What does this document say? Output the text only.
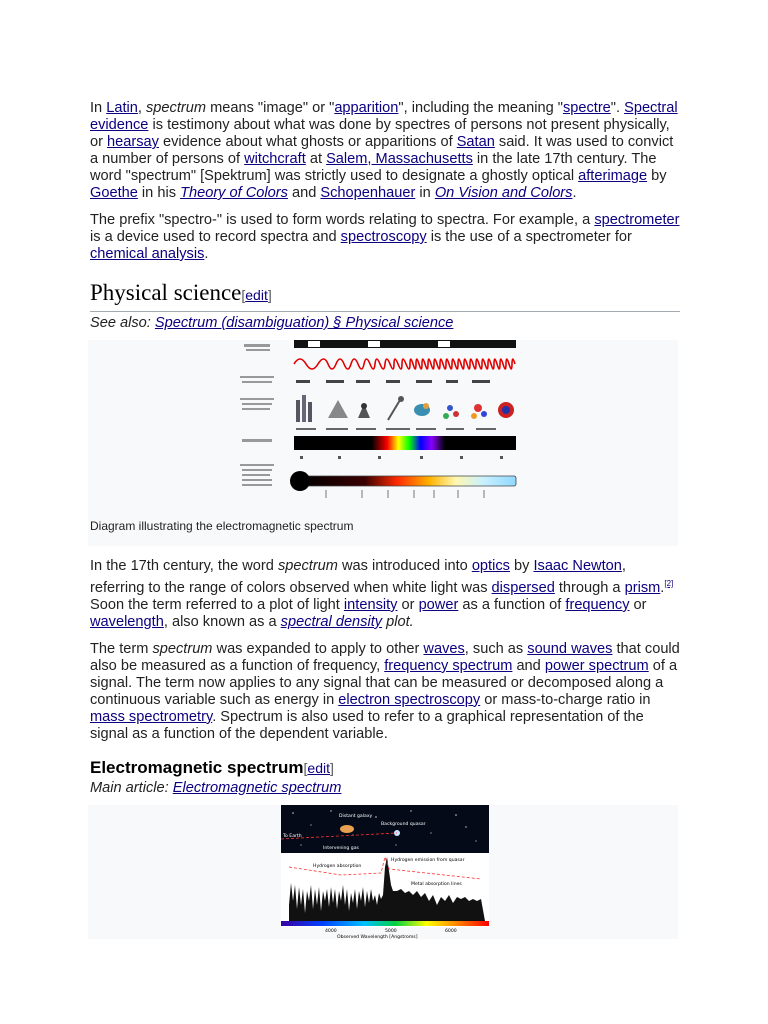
In Latin, spectrum means "image" or "apparition", including the meaning "spectre". Spectral evidence is testimony about what was done by spectres of persons not present physically, or hearsay evidence about what ghosts or apparitions of Satan said. It was used to convict a number of persons of witchcraft at Salem, Massachusetts in the late 17th century. The word "spectrum" [Spektrum] was strictly used to designate a ghostly optical afterimage by Goethe in his Theory of Colors and Schopenhauer in On Vision and Colors.

The prefix "spectro-" is used to form words relating to spectra. For example, a spectrometer is a device used to record spectra and spectroscopy is the use of a spectrometer for chemical analysis.

Physical science[edit]
See also: Spectrum (disambiguation) § Physical science
Diagram illustrating the electromagnetic spectrum

In the 17th century, the word spectrum was introduced into optics by Isaac Newton, referring to the range of colors observed when white light was dispersed through a prism.[2] Soon the term referred to a plot of light intensity or power as a function of frequency or wavelength, also known as a spectral density plot.

The term spectrum was expanded to apply to other waves, such as sound waves that could also be measured as a function of frequency, frequency spectrum and power spectrum of a signal. The term now applies to any signal that can be measured or decomposed along a continuous variable such as energy in electron spectroscopy or mass-to-charge ratio in mass spectrometry. Spectrum is also used to refer to a graphical representation of the signal as a function of the dependent variable.

Electromagnetic spectrum[edit]
Main article: Electromagnetic spectrum
To Earth
Distant galaxy
Background quasar
Intervening gas
Hydrogen absorption
Hydrogen emission from quasar
Metal absorption lines
4000	5000	6000
Observed Wavelength [Angstroms]
